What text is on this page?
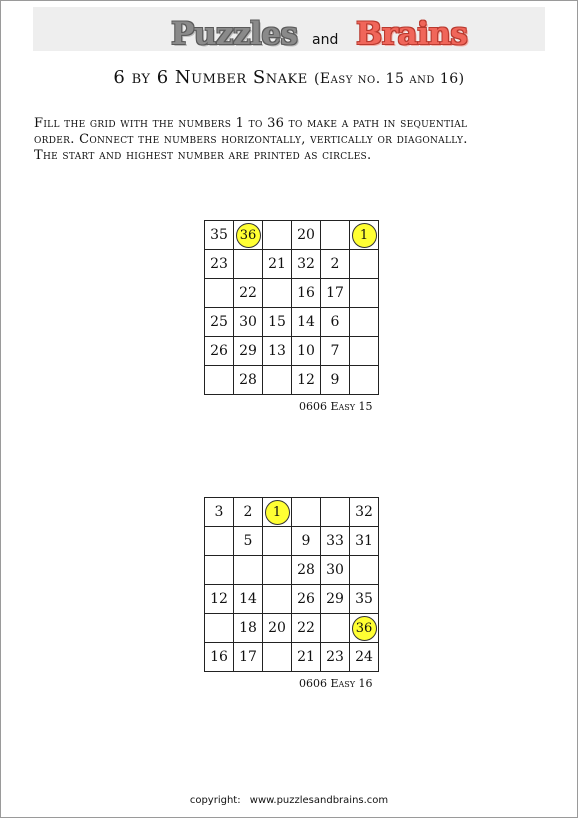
Puzzles and Brains
6 by 6 Number Snake (Easy no. 15 and 16)
Fill the grid with the numbers 1 to 36 to make a path in sequential
order. Connect the numbers horizontally, vertically or diagonally.
The start and highest number are printed as circles.
35	36		20		1
23		21	32	2	
	22		16	17	
25	30	15	14	6	
26	29	13	10	7	
	28		12	9	
0606 Easy 15
3	2	1			32
	5		9	33	31
			28	30	
12	14		26	29	35
	18	20	22		36
16	17		21	23	24
0606 Easy 16
copyright: www.puzzlesandbrains.com
